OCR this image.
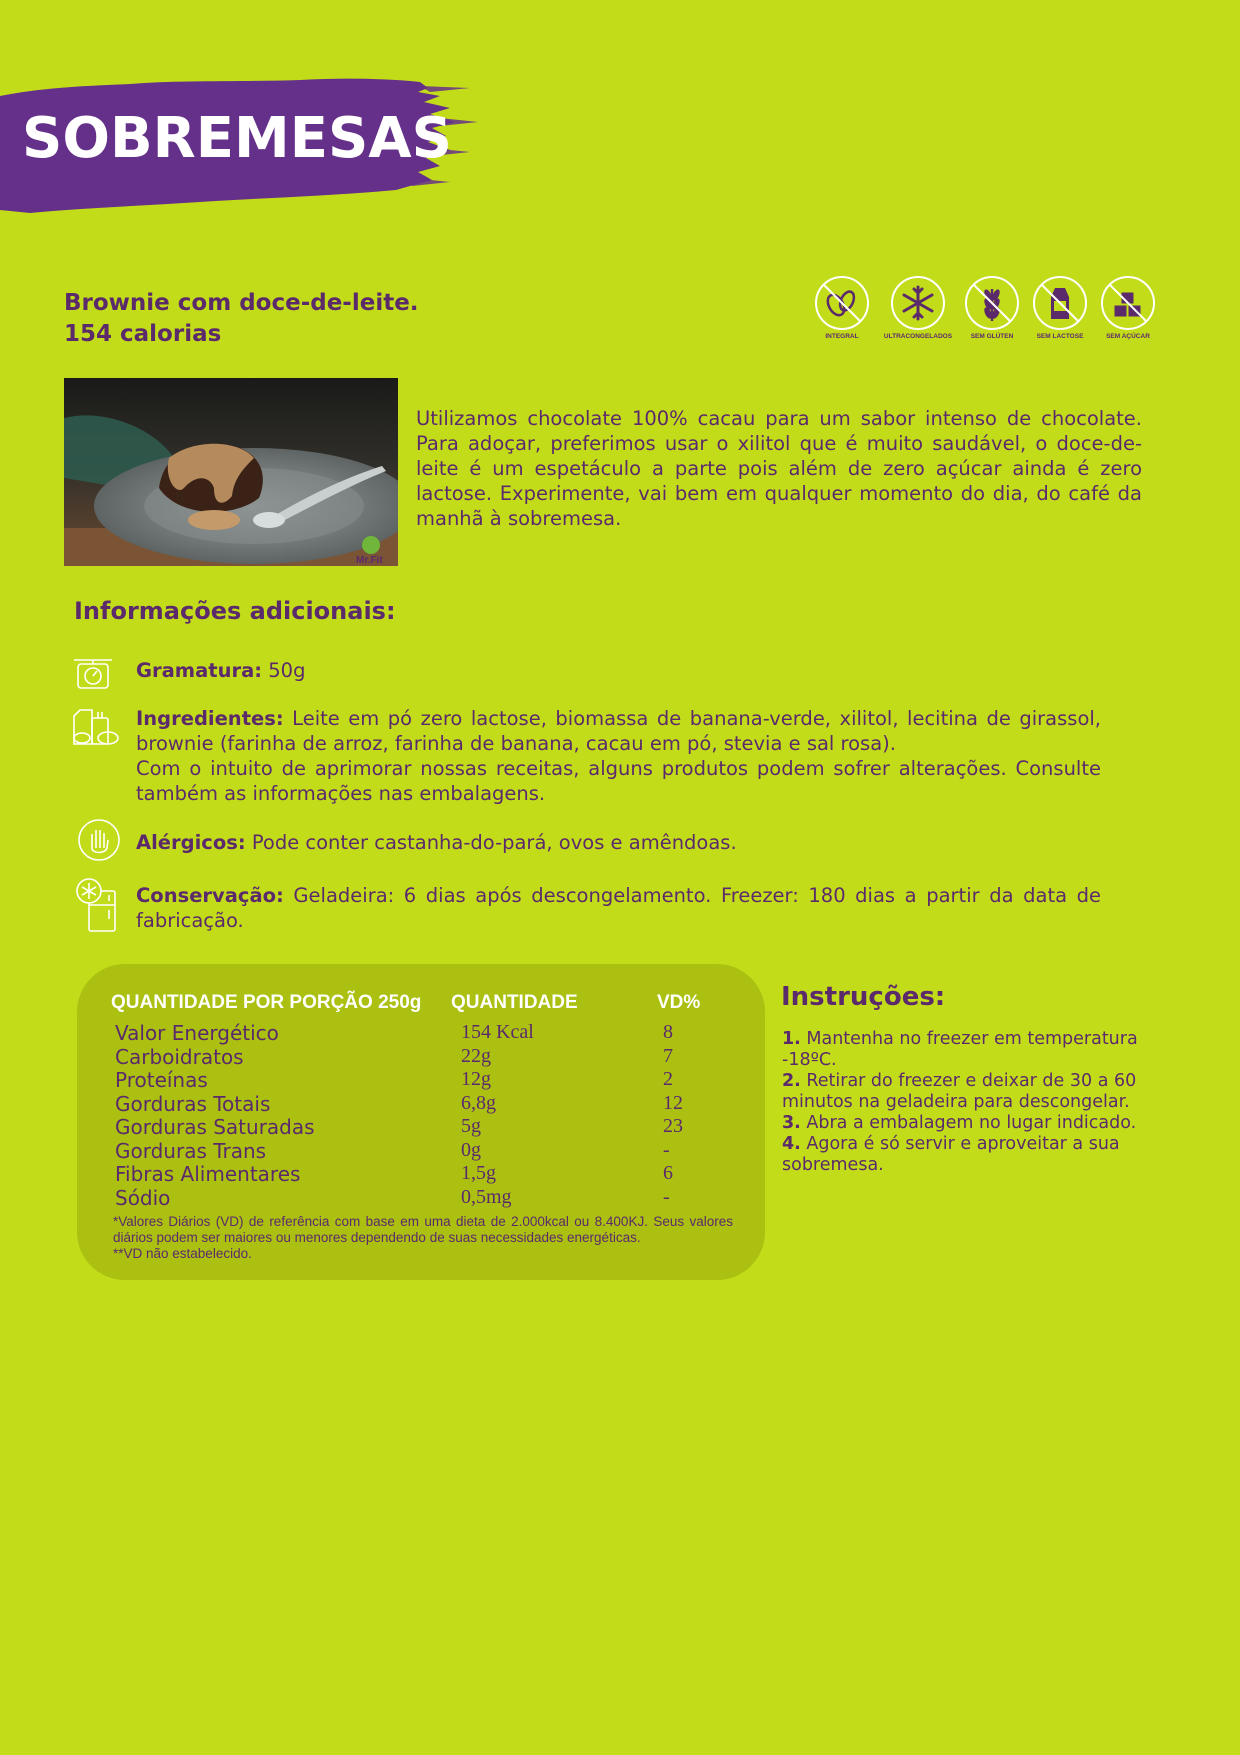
SOBREMESAS
Brownie com doce-de-leite.
154 calorias	INTEGRAL	ULTRACONGELADOS	SEM GLÚTEN	SEM LACTOSE	SEM AÇÚCAR
Mr.Fit
Utilizamos chocolate 100% cacau para um sabor intenso de chocolate. Para adoçar, preferimos usar o xilitol que é muito saudável, o doce-de-leite é um espetáculo a parte pois além de zero açúcar ainda é zero lactose. Experimente, vai bem em qualquer momento do dia, do café da manhã à sobremesa.
Informações adicionais:
Gramatura: 50g
Ingredientes: Leite em pó zero lactose, biomassa de banana-verde, xilitol, lecitina de girassol, brownie (farinha de arroz, farinha de banana, cacau em pó, stevia e sal rosa).
Com o intuito de aprimorar nossas receitas, alguns produtos podem sofrer alterações. Consulte também as informações nas embalagens.
Alérgicos: Pode conter castanha-do-pará, ovos e amêndoas.
Conservação: Geladeira: 6 dias após descongelamento. Freezer: 180 dias a partir da data de fabricação.
QUANTIDADE POR PORÇÃO 250g QUANTIDADE	VD%
Valor Energético	154 Kcal	8
Carboidratos	22g	7
Proteínas	12g	2
Gorduras Totais	6,8g	12
Gorduras Saturadas	5g	23
Gorduras Trans	0g	-
Fibras Alimentares	1,5g	6
Sódio	0,5mg	-
*Valores Diários (VD) de referência com base em uma dieta de 2.000kcal ou 8.400KJ. Seus valores diários podem ser maiores ou menores dependendo de suas necessidades energéticas.
**VD não estabelecido.
Instruções:
1. Mantenha no freezer em temperatura -18ºC.
2. Retirar do freezer e deixar de 30 a 60 minutos na geladeira para descongelar.
3. Abra a embalagem no lugar indicado.
4. Agora é só servir e aproveitar a sua sobremesa.
